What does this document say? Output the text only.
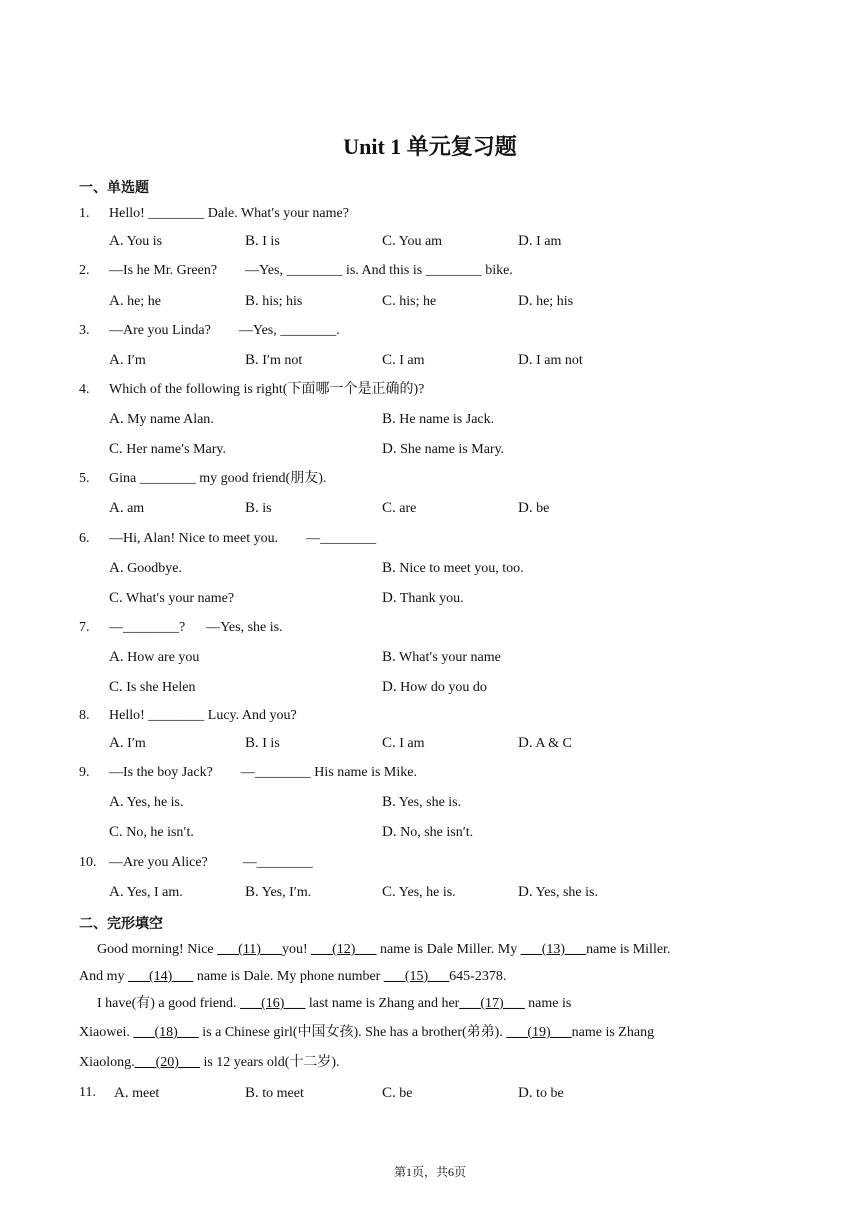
Unit 1 单元复习题
一、单选题
1. Hello! ________ Dale. What′s your name?
A. You is	B. I is	C. You am	D. I am
2. —Is he Mr. Green?        —Yes, ________ is. And this is ________ bike.
A. he; he	B. his; his	C. his; he	D. he; his
3. —Are you Linda?        —Yes, ________.
A. I′m	B. I′m not	C. I am	D. I am not
4. Which of the following is right(下面哪一个是正确的)?
A. My name Alan.	B. He name is Jack.
C. Her name′s Mary.	D. She name is Mary.
5. Gina ________ my good friend(朋友).
A. am	B. is	C. are	D. be
6. —Hi, Alan! Nice to meet you.        —________
A. Goodbye.	B. Nice to meet you, too.
C. What′s your name?	D. Thank you.
7. —________?      —Yes, she is.
A. How are you	B. What′s your name
C. Is she Helen	D. How do you do
8. Hello! ________ Lucy. And you?
A. I′m	B. I is	C. I am	D. A & C
9. —Is the boy Jack?        —________ His name is Mike.
A. Yes, he is.	B. Yes, she is.
C. No, he isn′t.	D. No, she isn′t.
10. —Are you Alice?          —________
A. Yes, I am.	B. Yes, I′m.	C. Yes, he is.	D. Yes, she is.
二、完形填空
Good morning! Nice ___(11)___you! ___(12)___ name is Dale Miller. My ___(13)___name is Miller.
And my ___(14)___ name is Dale. My phone number ___(15)___645-2378.
I have(有) a good friend. ___(16)___ last name is Zhang and her___(17)___ name is
Xiaowei. ___(18)___ is a Chinese girl(中国女孩). She has a brother(弟弟). ___(19)___name is Zhang
Xiaolong.___(20)___ is 12 years old(十二岁).
11. A. meet	B. to meet	C. be	D. to be
第1页，共6页
